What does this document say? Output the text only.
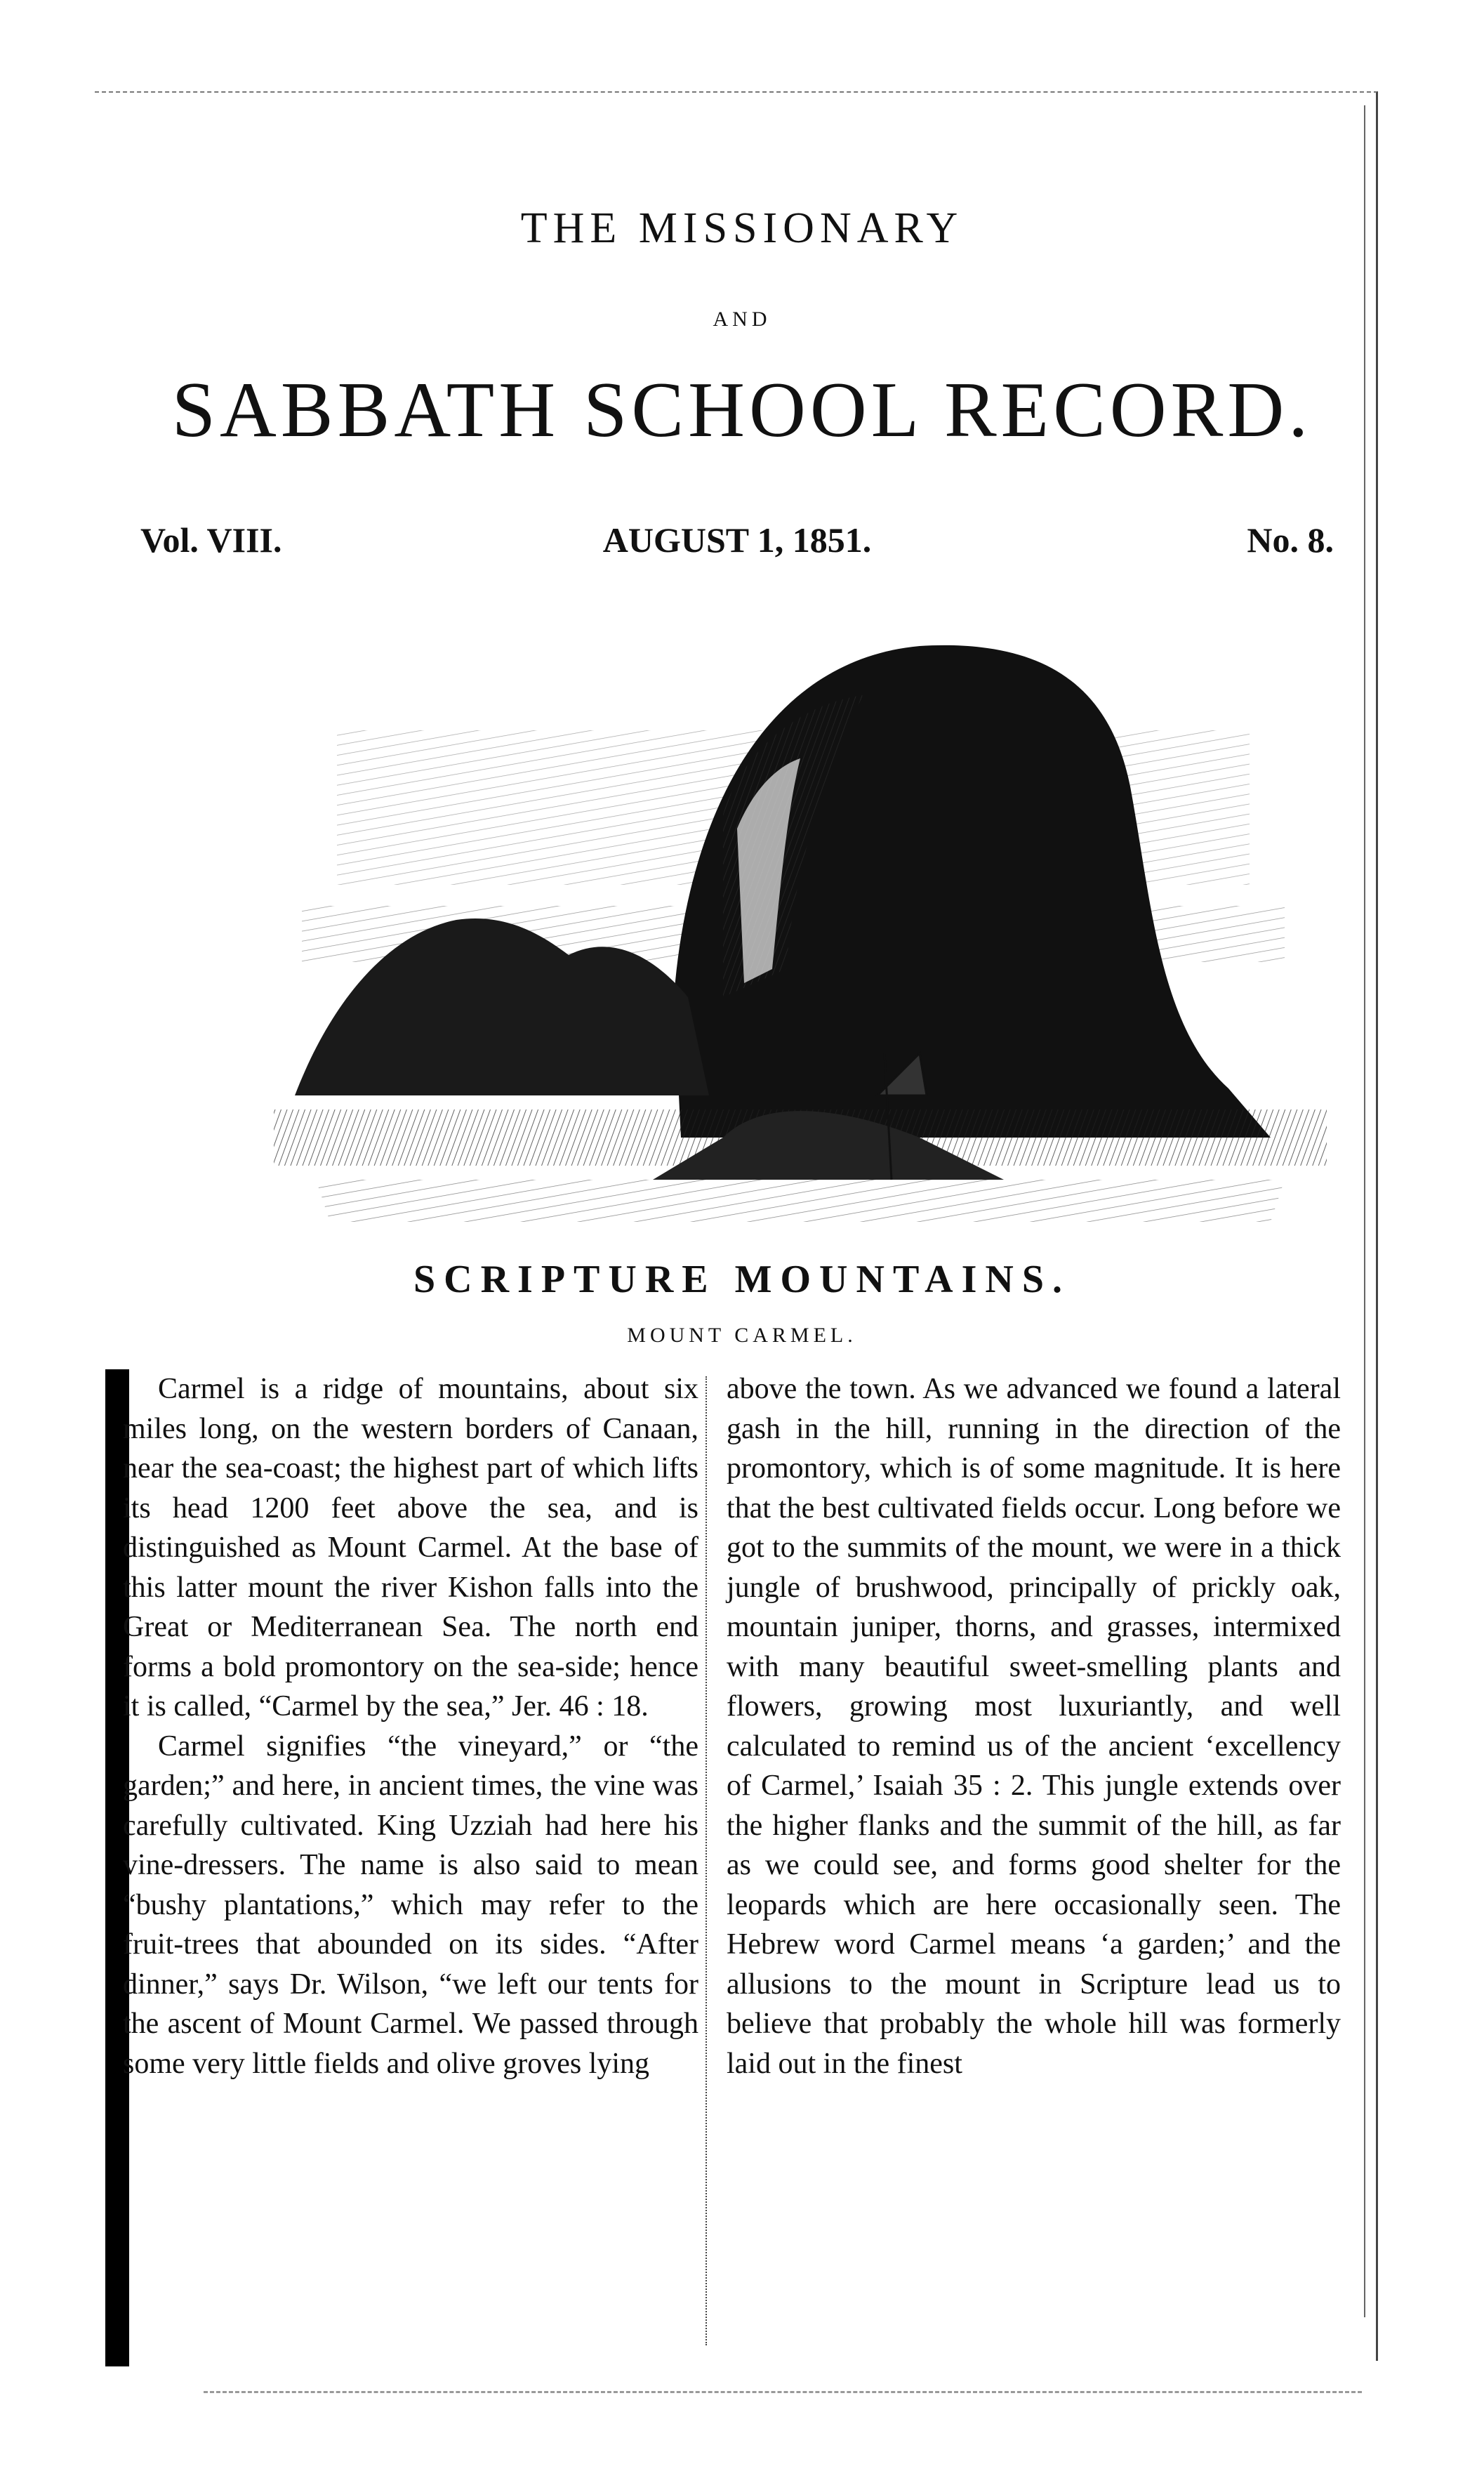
THE MISSIONARY
AND
SABBATH SCHOOL RECORD.
Vol. VIII.	AUGUST 1, 1851.	No. 8.
SCRIPTURE MOUNTAINS.
MOUNT CARMEL.

Carmel is a ridge of mountains, about six miles long, on the western borders of Canaan, near the sea-coast; the highest part of which lifts its head 1200 feet above the sea, and is distinguished as Mount Carmel. At the base of this latter mount the river Kishon falls into the Great or Mediterranean Sea. The north end forms a bold promontory on the sea-side; hence it is called, “Carmel by the sea,” Jer. 46 : 18.

Carmel signifies “the vineyard,” or “the garden;” and here, in ancient times, the vine was carefully cultivated. King Uzziah had here his vine-dressers. The name is also said to mean “bushy plantations,” which may refer to the fruit-trees that abounded on its sides. “After dinner,” says Dr. Wilson, “we left our tents for the ascent of Mount Carmel. We passed through some very little fields and olive groves lying

above the town. As we advanced we found a lateral gash in the hill, running in the direction of the promontory, which is of some magnitude. It is here that the best cultivated fields occur. Long before we got to the summits of the mount, we were in a thick jungle of brushwood, principally of prickly oak, mountain juniper, thorns, and grasses, intermixed with many beautiful sweet-smelling plants and flowers, growing most luxuriantly, and well calculated to remind us of the ancient ‘excellency of Carmel,’ Isaiah 35 : 2. This jungle extends over the higher flanks and the summit of the hill, as far as we could see, and forms good shelter for the leopards which are here occasionally seen. The Hebrew word Carmel means ‘a garden;’ and the allusions to the mount in Scripture lead us to believe that probably the whole hill was formerly laid out in the finest
